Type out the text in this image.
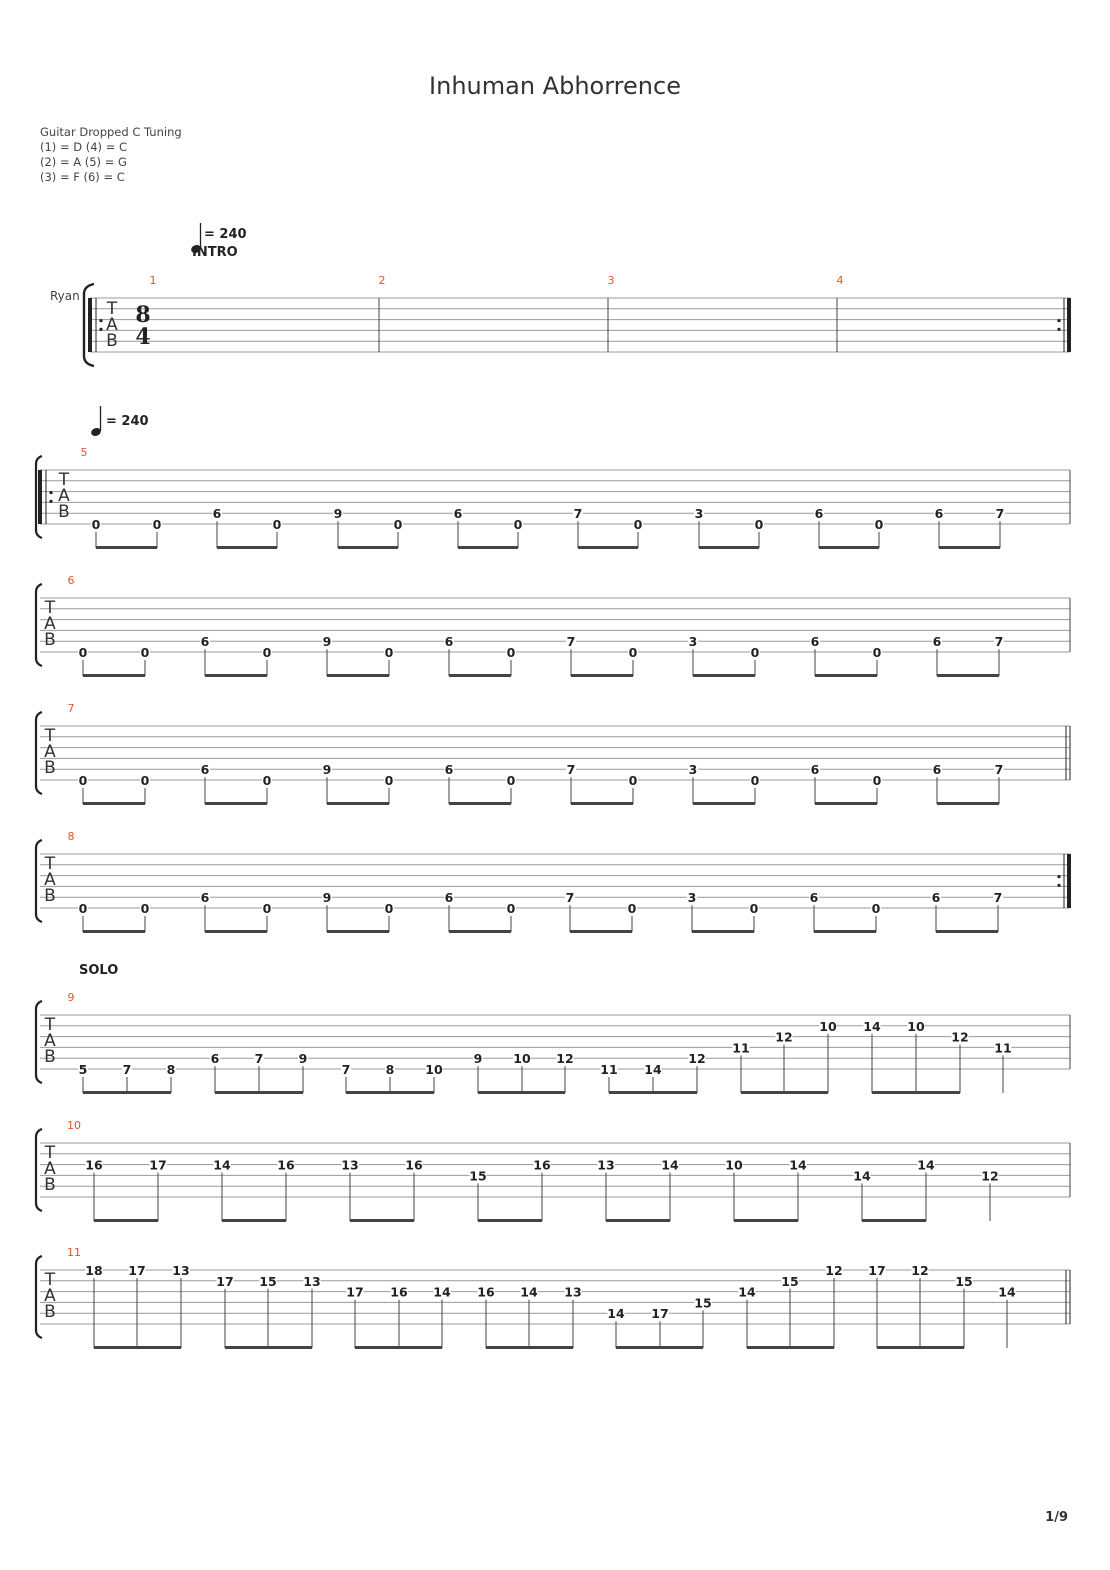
Inhuman Abhorrence
Guitar Dropped C Tuning
(1) = D (4) = C
(2) = A (5) = G
(3) = F (6) = C
= 240
INTRO
Ryan
T
A
B
8
4
1	2	3	4
= 240
T
A
B
5
0	0
6
0
9
0
6
0
7
0
3
0
6
0
6	7
T
A
B
6
0	0
6
0
9
0
6
0
7
0
3
0
6
0
6	7
T
A
B
7
0	0
6
0
9
0
6
0
7
0
3
0
6
0
6	7
T
A
B
8
0	0
6
0
9
0
6
0
7
0
3
0
6
0
6	7
SOLO
T
A
B
9
5	7	8
6	7	9
7	8 10
9 10 12
11 14
12
11
12
10 14 10
12
11
T
A
B
10
16	17	14	16	13	16
15
16	13	14	10	14
14
14
12
T
A
B
11
18 17 13
17 15 13
17 16 14 16 14 13
14 17
15
14
15
12 17 12
15
14
1/9
